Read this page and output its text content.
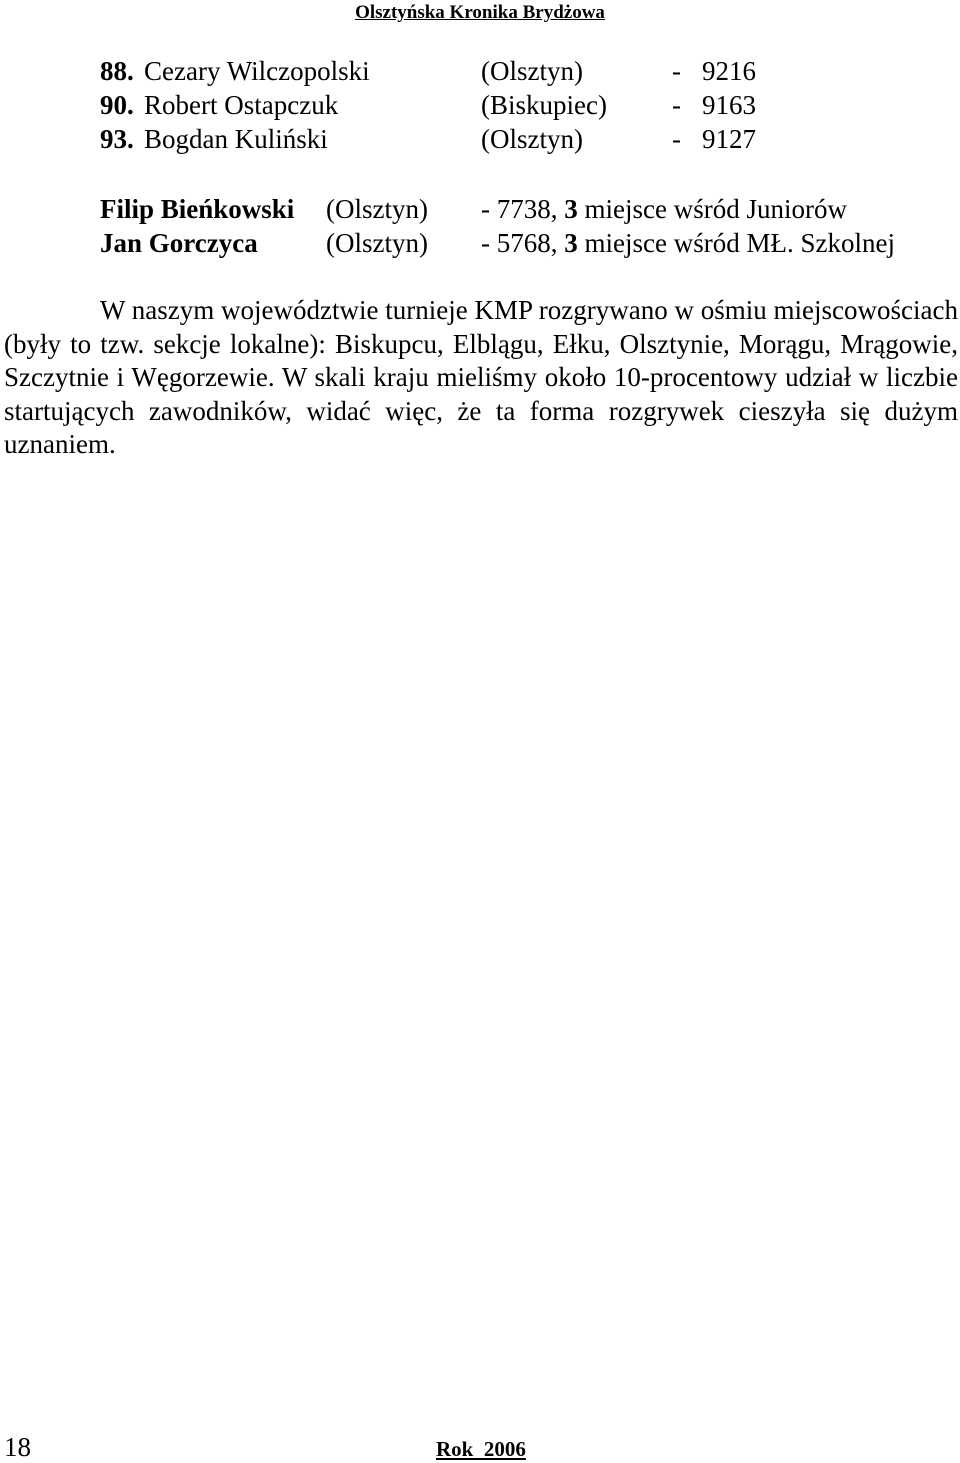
Olsztyńska Kronika Brydżowa
88. Cezary Wilczopolski	(Olsztyn)	- 9216
90. Robert Ostapczuk	(Biskupiec) - 9163
93. Bogdan Kuliński	(Olsztyn)	- 9127
Filip Bieńkowski (Olsztyn) - 7738, 3 miejsce wśród Juniorów
Jan Gorczyca	(Olsztyn) - 5768, 3 miejsce wśród MŁ. Szkolnej

W naszym województwie turnieje KMP rozgrywano w ośmiu miejscowościach (były to tzw. sekcje lokalne): Biskupcu, Elblągu, Ełku, Olsztynie, Morągu, Mrągowie, Szczytnie i Węgorzewie. W skali kraju mieliśmy około 10-procentowy udział w liczbie startujących zawodników, widać więc, że ta forma rozgrywek cieszyła się dużym uznaniem.

18	Rok  2006
